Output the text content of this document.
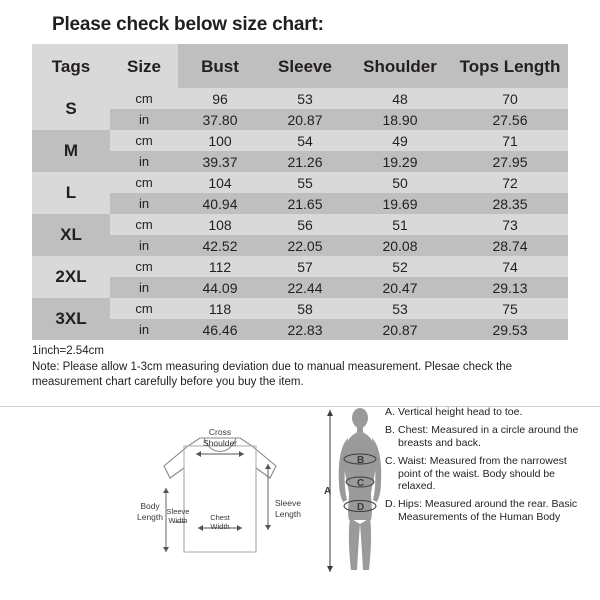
Please check below size chart:
Tags	Size	Bust	Sleeve	Shoulder	Tops Length
S	cm	96	53	48	70
	in	37.80	20.87	18.90	27.56
M	cm	100	54	49	71
	in	39.37	21.26	19.29	27.95
L	cm	104	55	50	72
	in	40.94	21.65	19.69	28.35
XL	cm	108	56	51	73
	in	42.52	22.05	20.08	28.74
2XL	cm	112	57	52	74
	in	44.09	22.44	20.47	29.13
3XL	cm	118	58	53	75
	in	46.46	22.83	20.87	29.53
1inch=2.54cm
Note: Please allow 1-3cm measuring deviation due to manual measurement. Plesae check the
measurement chart carefully before you buy the item.
Cross
Shoulder
Body
Length
Sleeve
Width	Chest
Width
Sleeve
Length
A
B
C
D
A. Vertical height head to toe.
B. Chest: Measured in a circle around the breasts and back.
C. Waist: Measured from the narrowest point of the waist. Body should be relaxed.
D. Hips: Measured around the rear. Basic Measurements of the Human Body
